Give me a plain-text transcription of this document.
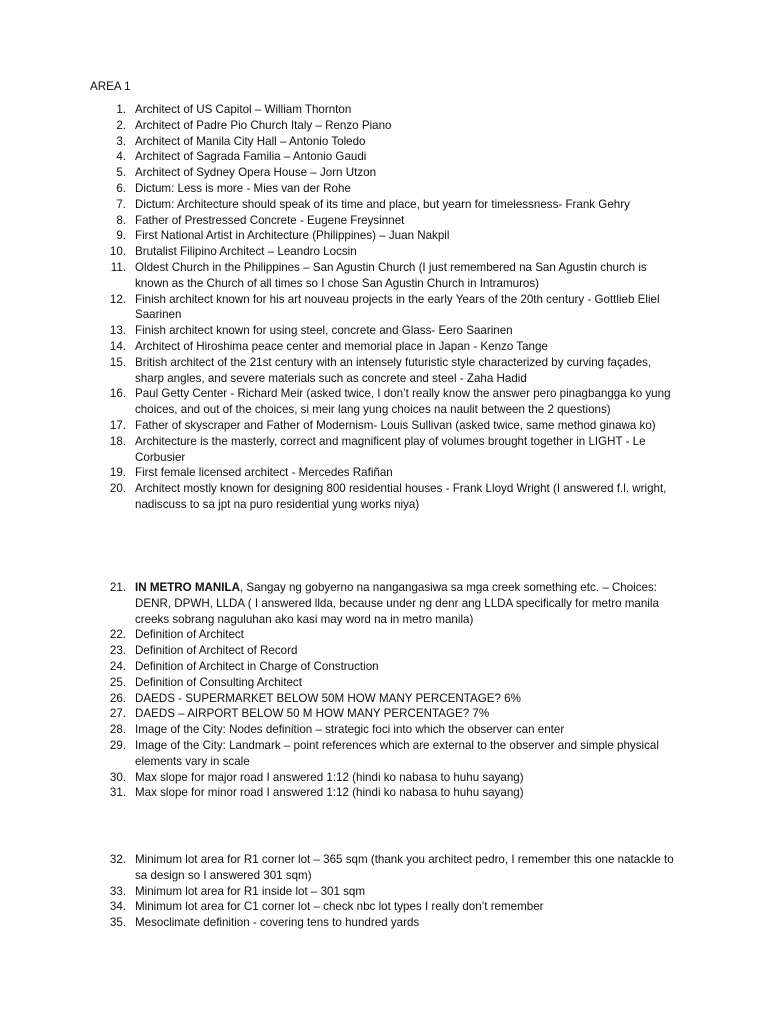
AREA 1
1. Architect of US Capitol – William Thornton
2. Architect of Padre Pio Church Italy – Renzo Piano
3. Architect of Manila City Hall – Antonio Toledo
4. Architect of Sagrada Familia – Antonio Gaudi
5. Architect of Sydney Opera House – Jorn Utzon
6. Dictum: Less is more - Mies van der Rohe
7. Dictum: Architecture should speak of its time and place, but yearn for timelessness- Frank Gehry
8. Father of Prestressed Concrete - Eugene Freysinnet
9. First National Artist in Architecture (Philippines) – Juan Nakpil
10. Brutalist Filipino Architect – Leandro Locsin
11. Oldest Church in the Philippines – San Agustin Church (I just remembered na San Agustin church is known as the Church of all times so I chose San Agustin Church in Intramuros)
12. Finish architect known for his art nouveau projects in the early Years of the 20th century - Gottlieb Eliel Saarinen
13. Finish architect known for using steel, concrete and Glass- Eero Saarinen
14. Architect of Hiroshima peace center and memorial place in Japan - Kenzo Tange
15. British architect of the 21st century with an intensely futuristic style characterized by curving façades, sharp angles, and severe materials such as concrete and steel - Zaha Hadid
16. Paul Getty Center - Richard Meir (asked twice, I don’t really know the answer pero pinagbangga ko yung choices, and out of the choices, si meir lang yung choices na naulit between the 2 questions)
17. Father of skyscraper and Father of Modernism- Louis Sullivan (asked twice, same method ginawa ko)
18. Architecture is the masterly, correct and magnificent play of volumes brought together in LIGHT - Le Corbusier
19. First female licensed architect - Mercedes Rafiñan
20. Architect mostly known for designing 800 residential houses - Frank Lloyd Wright (I answered f.l. wright, nadiscuss to sa jpt na puro residential yung works niya)
21. IN METRO MANILA, Sangay ng gobyerno na nangangasiwa sa mga creek something etc. – Choices: DENR, DPWH, LLDA ( I answered llda, because under ng denr ang LLDA specifically for metro manila creeks sobrang naguluhan ako kasi may word na in metro manila)
22. Definition of Architect
23. Definition of Architect of Record
24. Definition of Architect in Charge of Construction
25. Definition of Consulting Architect
26. DAEDS - SUPERMARKET BELOW 50M HOW MANY PERCENTAGE? 6%
27. DAEDS – AIRPORT BELOW 50 M HOW MANY PERCENTAGE? 7%
28. Image of the City: Nodes definition – strategic foci into which the observer can enter
29. Image of the City: Landmark – point references which are external to the observer and simple physical elements vary in scale
30. Max slope for major road I answered 1:12 (hindi ko nabasa to huhu sayang)
31. Max slope for minor road I answered 1:12 (hindi ko nabasa to huhu sayang)
32. Minimum lot area for R1 corner lot – 365 sqm (thank you architect pedro, I remember this one natackle to sa design so I answered 301 sqm)
33. Minimum lot area for R1 inside lot – 301 sqm
34. Minimum lot area for C1 corner lot – check nbc lot types I really don’t remember
35. Mesoclimate definition - covering tens to hundred yards
